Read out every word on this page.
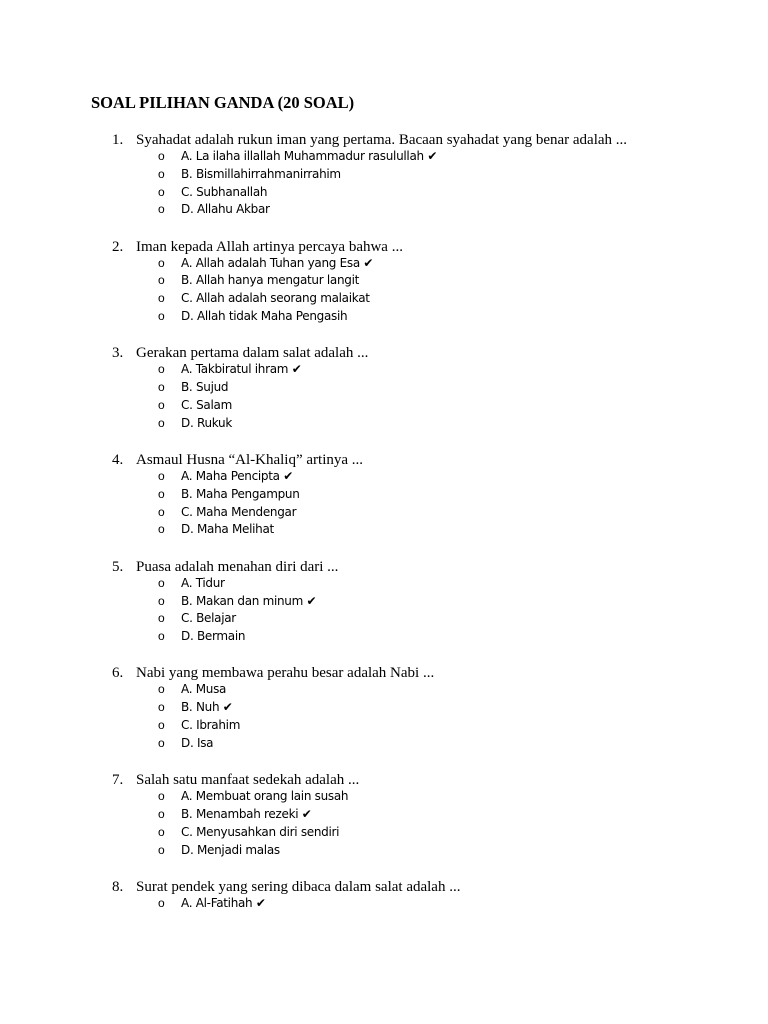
SOAL PILIHAN GANDA (20 SOAL)
1. Syahadat adalah rukun iman yang pertama. Bacaan syahadat yang benar adalah ...
o A. La ilaha illallah Muhammadur rasulullah ✔
o B. Bismillahirrahmanirrahim
o C. Subhanallah
o D. Allahu Akbar
2. Iman kepada Allah artinya percaya bahwa ...
o A. Allah adalah Tuhan yang Esa ✔
o B. Allah hanya mengatur langit
o C. Allah adalah seorang malaikat
o D. Allah tidak Maha Pengasih
3. Gerakan pertama dalam salat adalah ...
o A. Takbiratul ihram ✔
o B. Sujud
o C. Salam
o D. Rukuk
4. Asmaul Husna “Al-Khaliq” artinya ...
o A. Maha Pencipta ✔
o B. Maha Pengampun
o C. Maha Mendengar
o D. Maha Melihat
5. Puasa adalah menahan diri dari ...
o A. Tidur
o B. Makan dan minum ✔
o C. Belajar
o D. Bermain
6. Nabi yang membawa perahu besar adalah Nabi ...
o A. Musa
o B. Nuh ✔
o C. Ibrahim
o D. Isa
7. Salah satu manfaat sedekah adalah ...
o A. Membuat orang lain susah
o B. Menambah rezeki ✔
o C. Menyusahkan diri sendiri
o D. Menjadi malas
8. Surat pendek yang sering dibaca dalam salat adalah ...
o A. Al-Fatihah ✔
